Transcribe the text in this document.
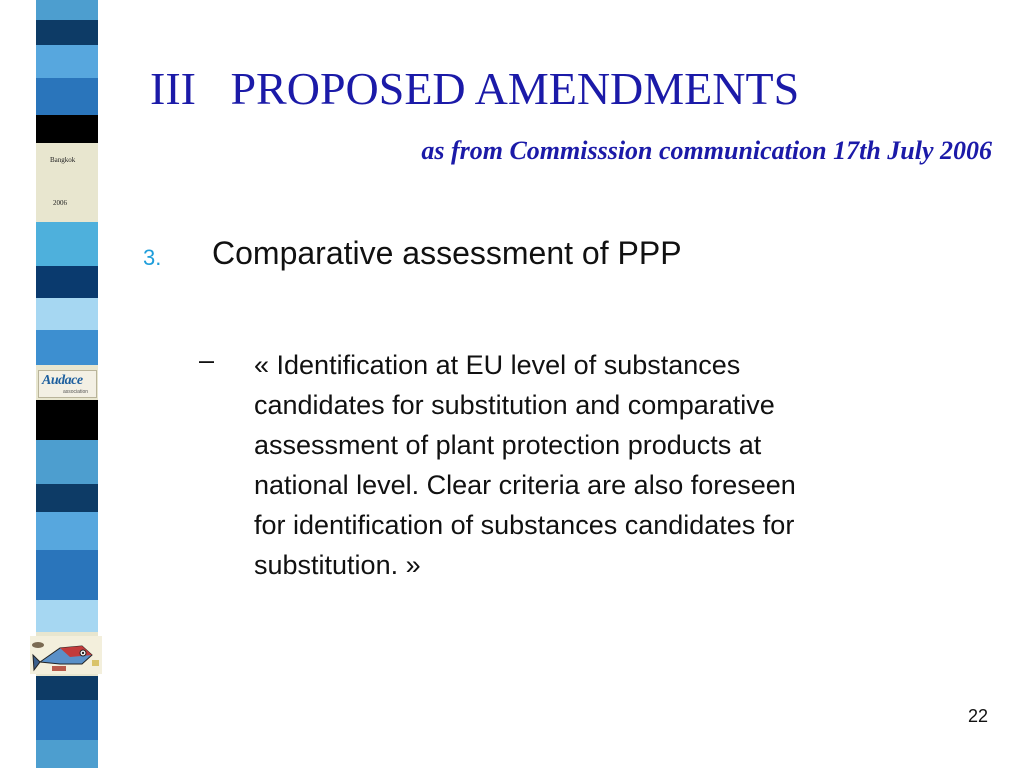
Bangkok
2006
Audace
association
III   PROPOSED AMENDMENTS
as from Commisssion communication 17th July 2006
3. Comparative assessment of PPP
– « Identification at EU level of substances
candidates for substitution and comparative
assessment of plant protection products at
national level. Clear criteria are also foreseen
for identification of substances candidates for
substitution. »
22
